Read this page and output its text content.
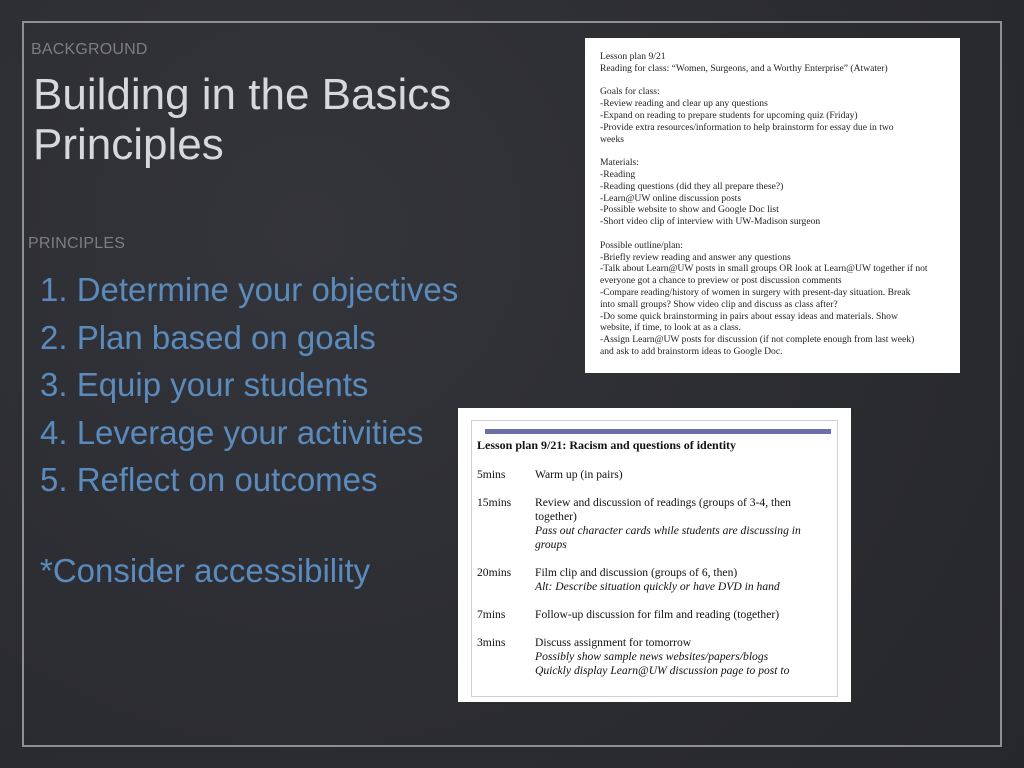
BACKGROUND
Building in the Basics
Principles
PRINCIPLES
1. Determine your objectives
2. Plan based on goals
3. Equip your students
4. Leverage your activities
5. Reflect on outcomes
*Consider accessibility

Lesson plan 9/21

Reading for class: “Women, Surgeons, and a Worthy Enterprise” (Atwater)

Goals for class:

-Review reading and clear up any questions

-Expand on reading to prepare students for upcoming quiz (Friday)

-Provide extra resources/information to help brainstorm for essay due in two

weeks

Materials:

-Reading

-Reading questions (did they all prepare these?)

-Learn@UW online discussion posts

-Possible website to show and Google Doc list

-Short video clip of interview with UW-Madison surgeon

Possible outline/plan:

-Briefly review reading and answer any questions

-Talk about Learn@UW posts in small groups OR look at Learn@UW together if not

everyone got a chance to preview or post discussion comments

-Compare reading/history of women in surgery with present-day situation. Break

into small groups? Show video clip and discuss as class after?

-Do some quick brainstorming in pairs about essay ideas and materials. Show

website, if time, to look at as a class.

-Assign Learn@UW posts for discussion (if not complete enough from last week)

and ask to add brainstorm ideas to Google Doc.

Lesson plan 9/21: Racism and questions of identity
5mins	Warm up (in pairs)
15mins	Review and discussion of readings (groups of 3-4, then together)
Pass out character cards while students are discussing in groups
20mins	Film clip and discussion (groups of 6, then)
Alt: Describe situation quickly or have DVD in hand
7mins	Follow-up discussion for film and reading (together)
3mins	Discuss assignment for tomorrow
Possibly show sample news websites/papers/blogs
Quickly display Learn@UW discussion page to post to
